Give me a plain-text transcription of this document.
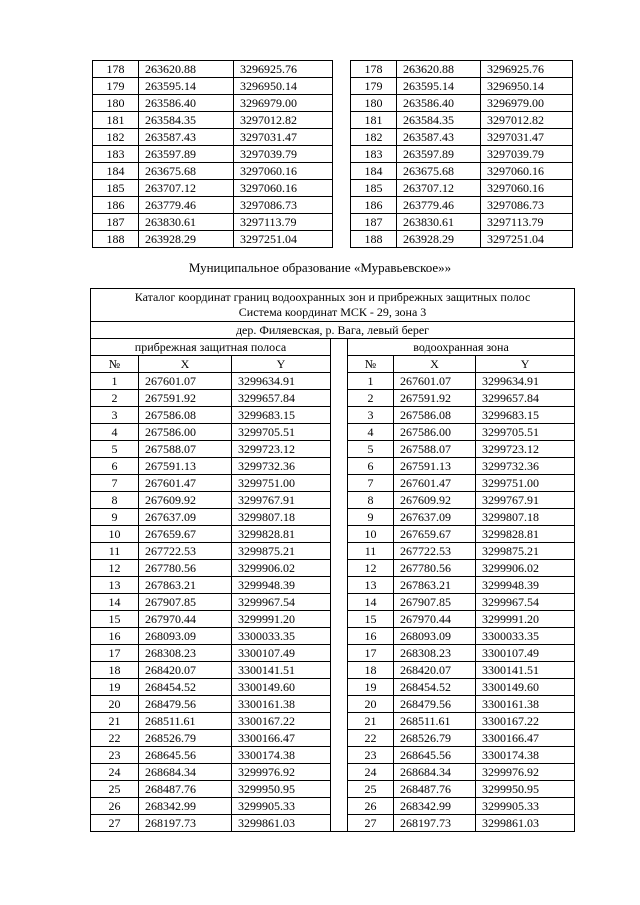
178	263620.88	3296925.76
179	263595.14	3296950.14
180	263586.40	3296979.00
181	263584.35	3297012.82
182	263587.43	3297031.47
183	263597.89	3297039.79
184	263675.68	3297060.16
185	263707.12	3297060.16
186	263779.46	3297086.73
187	263830.61	3297113.79
188	263928.29	3297251.04
178	263620.88	3296925.76
179	263595.14	3296950.14
180	263586.40	3296979.00
181	263584.35	3297012.82
182	263587.43	3297031.47
183	263597.89	3297039.79
184	263675.68	3297060.16
185	263707.12	3297060.16
186	263779.46	3297086.73
187	263830.61	3297113.79
188	263928.29	3297251.04
Муниципальное образование «Муравьевское»»
Каталог координат границ водоохранных зон и прибрежных защитных полос
Система координат МСК - 29, зона 3						

дер. Филяевская, р. Вага, левый берег						
прибрежная защитная полоса				водоохранная зона		
№	X	Y		№	X	Y
1	267601.07	3299634.91		1	267601.07	3299634.91
2	267591.92	3299657.84		2	267591.92	3299657.84
3	267586.08	3299683.15		3	267586.08	3299683.15
4	267586.00	3299705.51		4	267586.00	3299705.51
5	267588.07	3299723.12		5	267588.07	3299723.12
6	267591.13	3299732.36		6	267591.13	3299732.36
7	267601.47	3299751.00		7	267601.47	3299751.00
8	267609.92	3299767.91		8	267609.92	3299767.91
9	267637.09	3299807.18		9	267637.09	3299807.18
10	267659.67	3299828.81		10	267659.67	3299828.81
11	267722.53	3299875.21		11	267722.53	3299875.21
12	267780.56	3299906.02		12	267780.56	3299906.02
13	267863.21	3299948.39		13	267863.21	3299948.39
14	267907.85	3299967.54		14	267907.85	3299967.54
15	267970.44	3299991.20		15	267970.44	3299991.20
16	268093.09	3300033.35		16	268093.09	3300033.35
17	268308.23	3300107.49		17	268308.23	3300107.49
18	268420.07	3300141.51		18	268420.07	3300141.51
19	268454.52	3300149.60		19	268454.52	3300149.60
20	268479.56	3300161.38		20	268479.56	3300161.38
21	268511.61	3300167.22		21	268511.61	3300167.22
22	268526.79	3300166.47		22	268526.79	3300166.47
23	268645.56	3300174.38		23	268645.56	3300174.38
24	268684.34	3299976.92		24	268684.34	3299976.92
25	268487.76	3299950.95		25	268487.76	3299950.95
26	268342.99	3299905.33		26	268342.99	3299905.33
27	268197.73	3299861.03		27	268197.73	3299861.03
